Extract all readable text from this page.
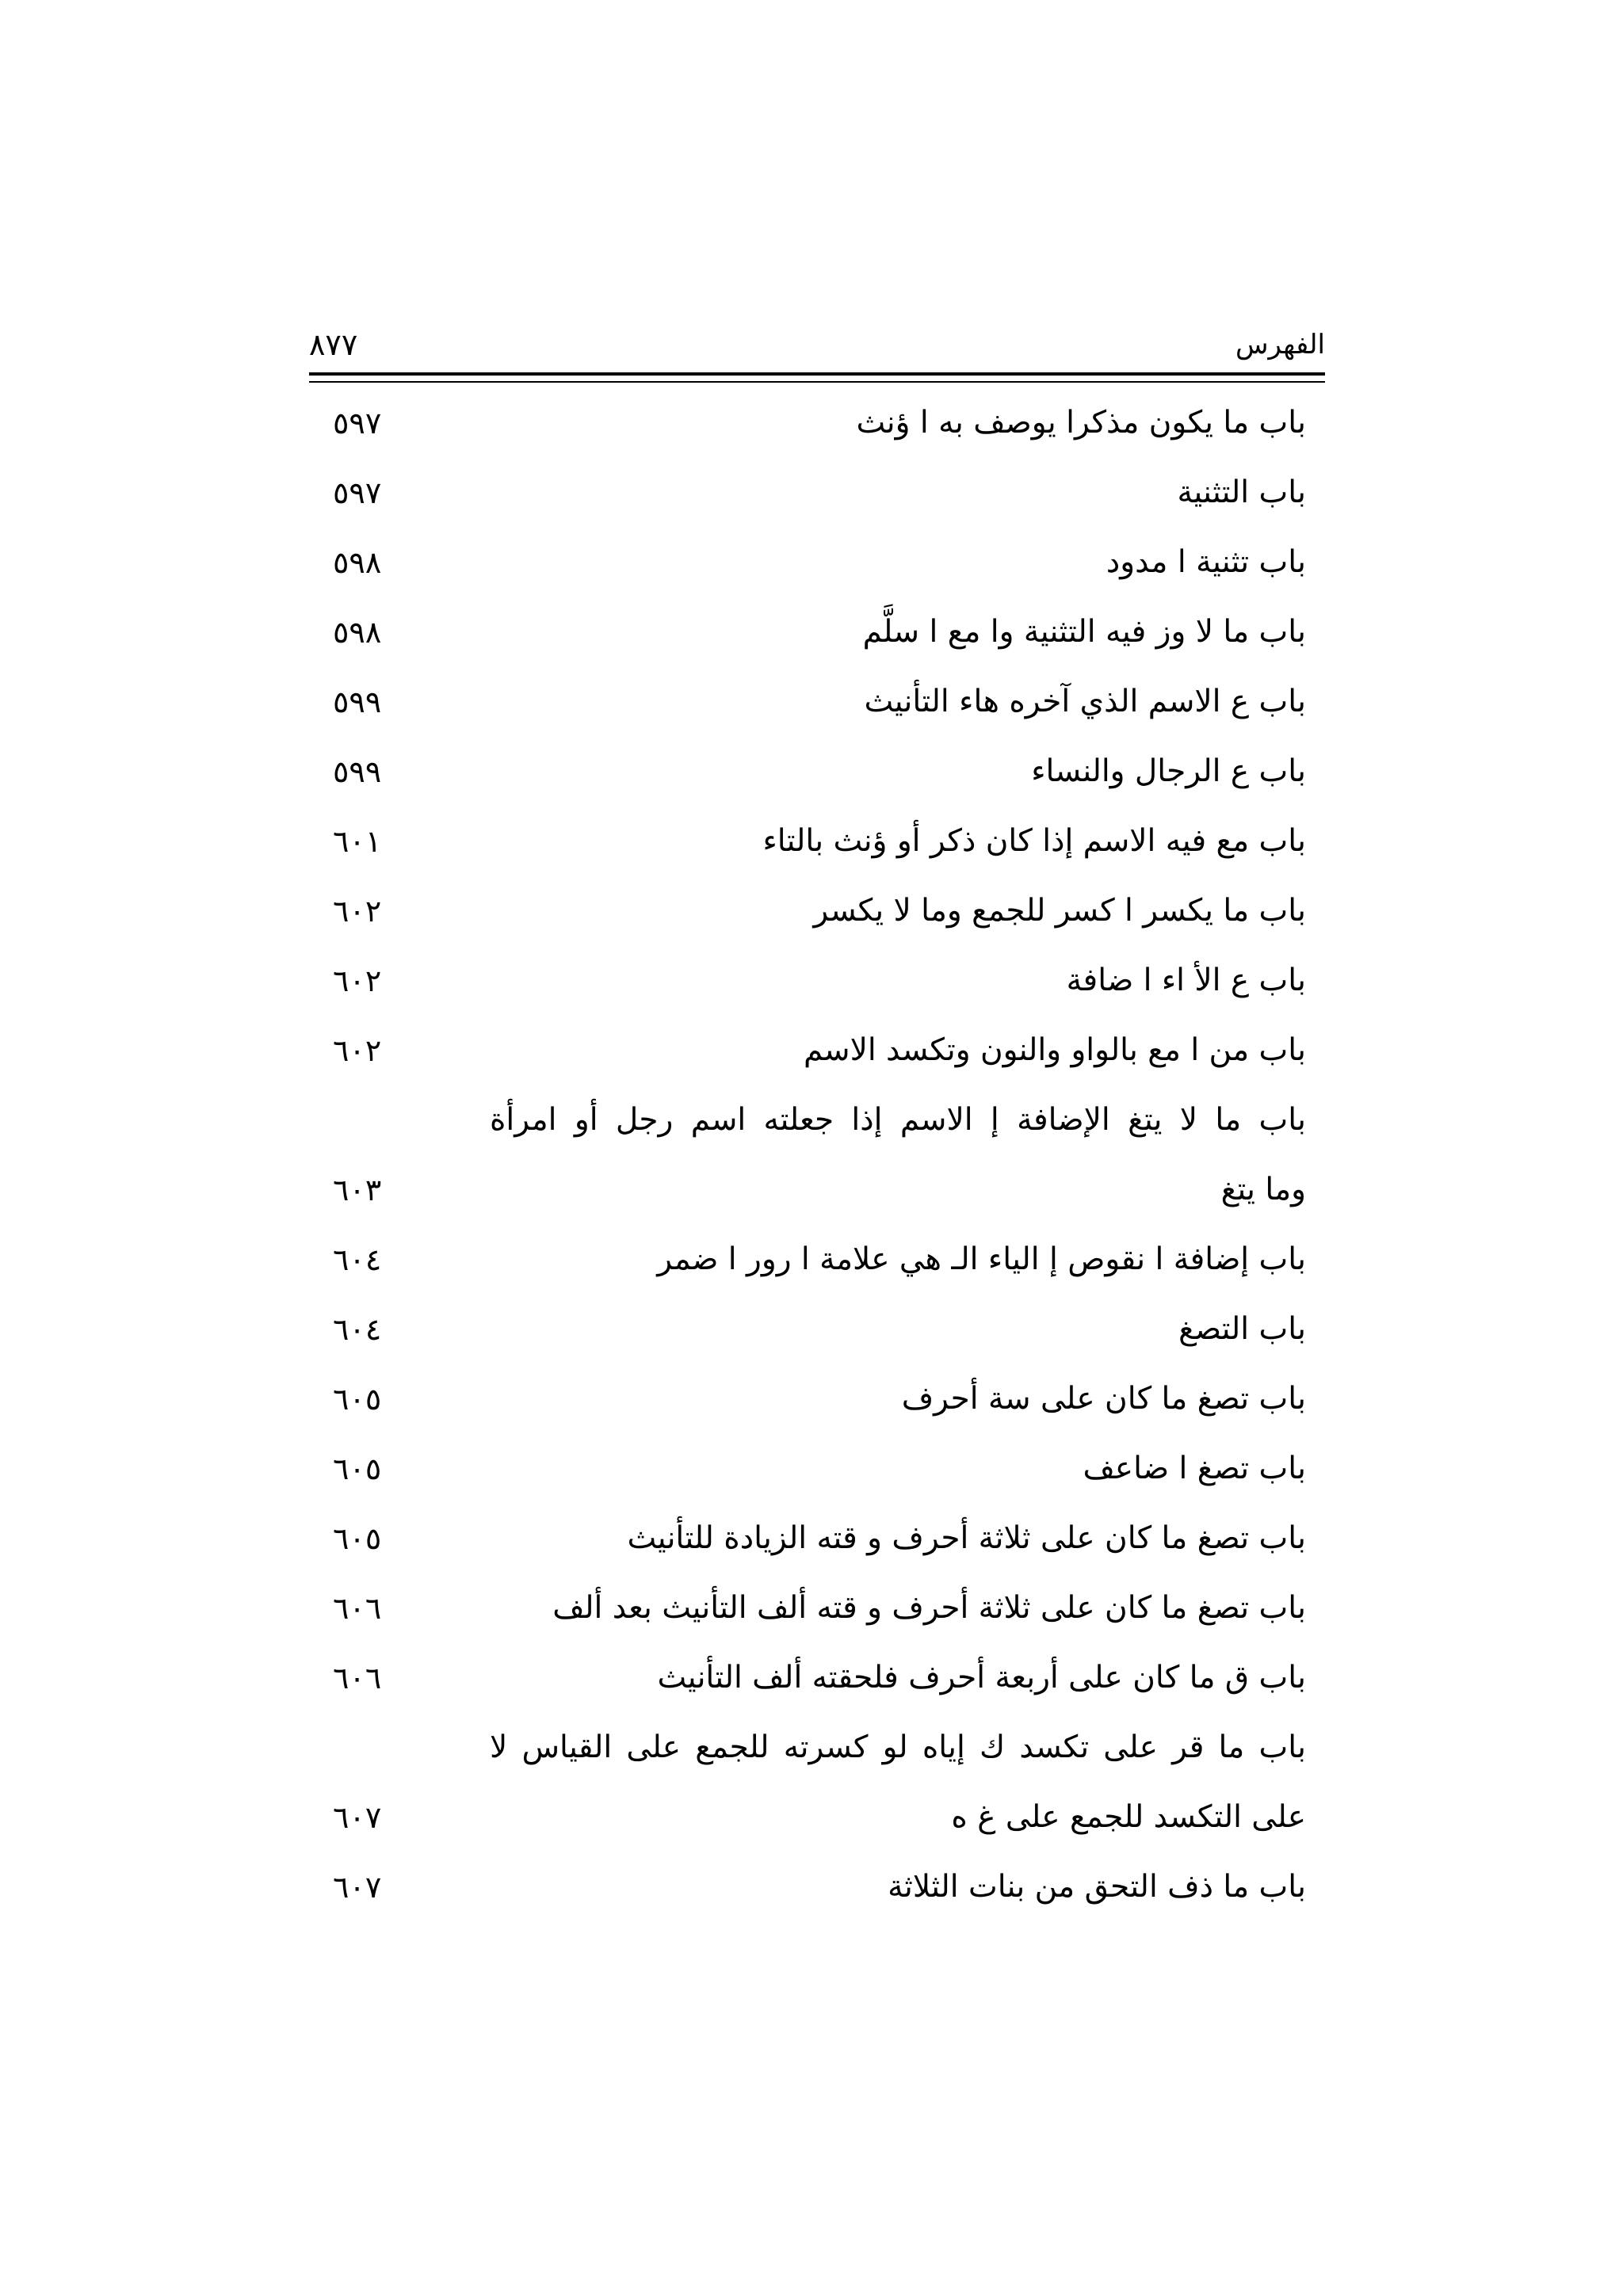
الفهرس
٨٧٧
باب ما يكون مذكرا يوصف به ا ؤنث
٥٩٧
باب التثنية
٥٩٧
باب تثنية ا مدود
٥٩٨
باب ما لا وز فيه التثنية وا مع ا سلَّم
٥٩٨
باب ع الاسم الذي آخره هاء التأنيث
٥٩٩
باب ع الرجال والنساء
٥٩٩
باب مع فيه الاسم إذا كان ذكر أو ؤنث بالتاء
٦٠١
باب ما يكسر ا كسر للجمع وما لا يكسر
٦٠٢
باب ع الأ اء ا ضافة
٦٠٢
باب من ا مع بالواو والنون وتكسد الاسم
٦٠٢
باب ما لا يتغ الإضافة إ الاسم إذا جعلته اسم رجل أو امرأة
وما يتغ
٦٠٣
باب إضافة ا نقوص إ الياء الـ هي علامة ا رور ا ضمر
٦٠٤
باب التصغ
٦٠٤
باب تصغ ما كان على سة أحرف
٦٠٥
باب تصغ ا ضاعف
٦٠٥
باب تصغ ما كان على ثلاثة أحرف و قته الزيادة للتأنيث
٦٠٥
باب تصغ ما كان على ثلاثة أحرف و قته ألف التأنيث بعد ألف
٦٠٦
باب ق ما كان على أربعة أحرف فلحقته ألف التأنيث
٦٠٦
باب ما قر على تكسد ك إياه لو كسرته للجمع على القياس لا
على التكسد للجمع على غ ه
٦٠٧
باب ما ذف التحق من بنات الثلاثة
٦٠٧
